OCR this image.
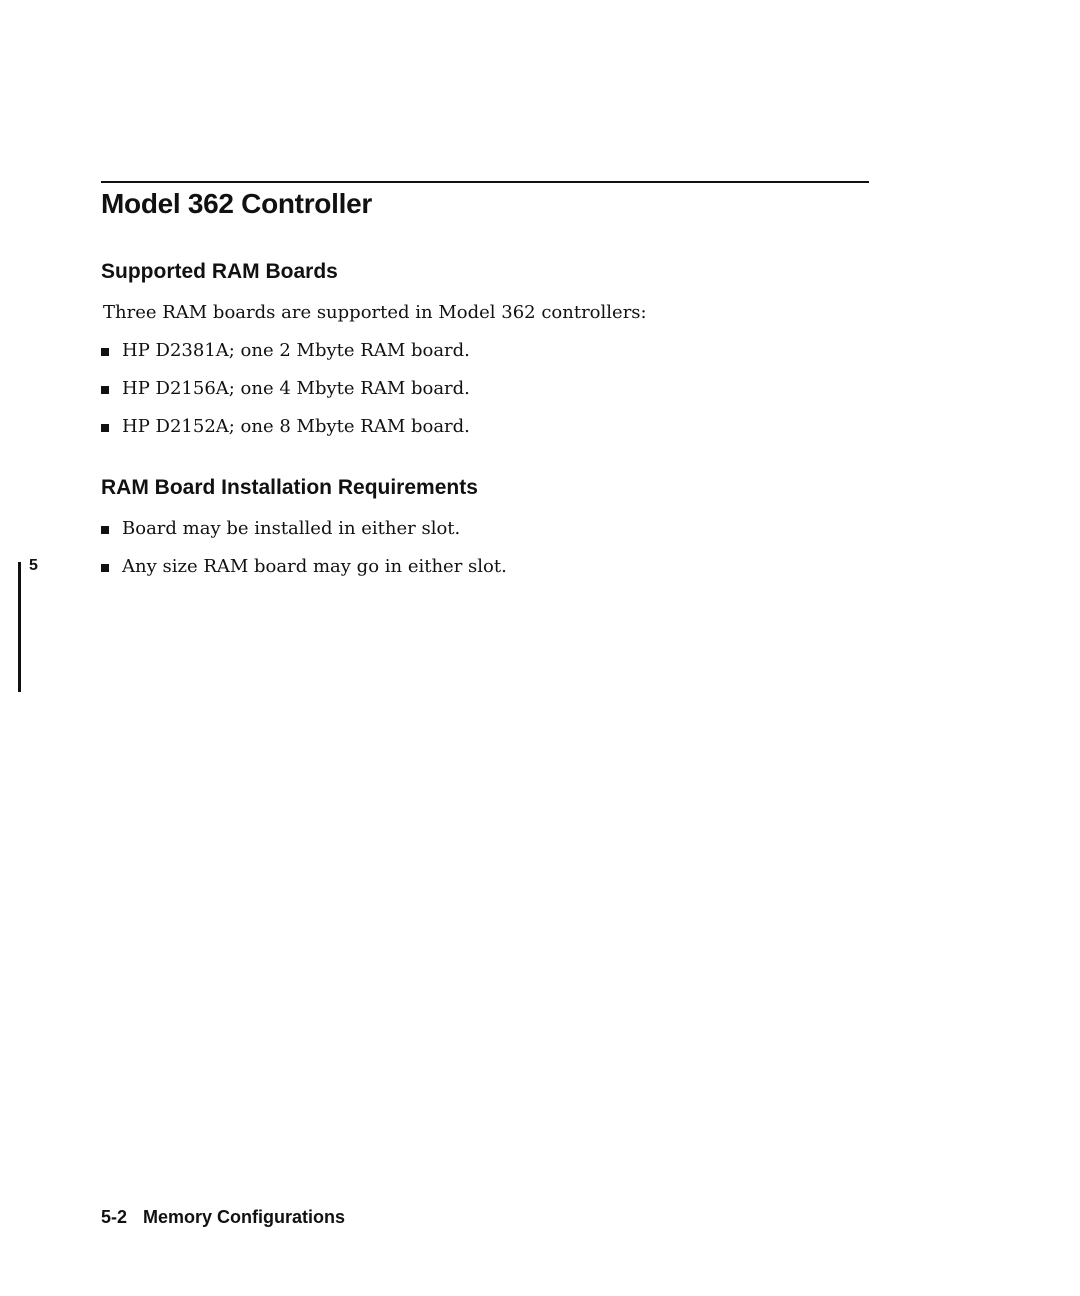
Model 362 Controller
Supported RAM Boards

Three RAM boards are supported in Model 362 controllers:

HP D2381A; one 2 Mbyte RAM board.
HP D2156A; one 4 Mbyte RAM board.
HP D2152A; one 8 Mbyte RAM board.
RAM Board Installation Requirements
Board may be installed in either slot.
Any size RAM board may go in either slot.
5
5-2 Memory Configurations
